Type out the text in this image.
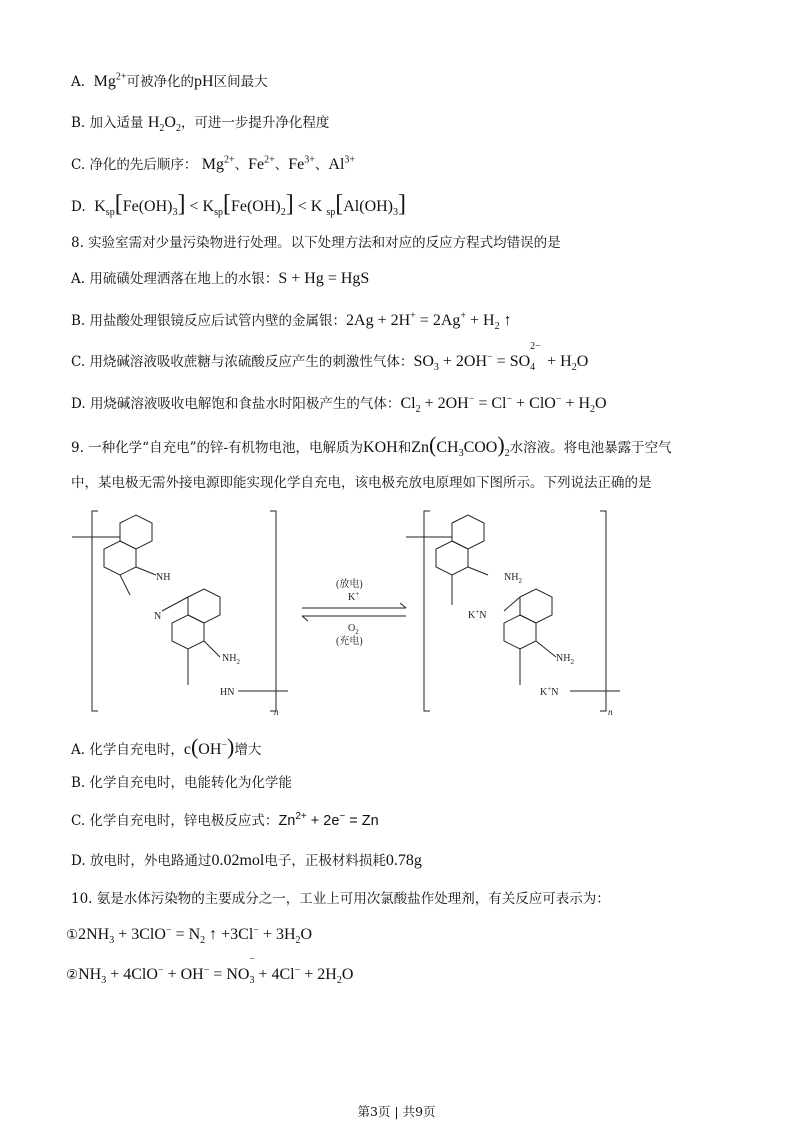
A. $Mg^{2+}$可被净化的pH区间最大
B. 加入适量 $H_2O_2$，可进一步提升净化程度
C. 净化的先后顺序： $Mg^{2+}$、$Fe^{2+}$、$Fe^{3+}$、$Al^{3+}$
D. $K_{sp}[Fe(OH)_3] < K_{sp}[Fe(OH)_2] < K$ $_{sp}[Al(OH)_3]$
8. 实验室需对少量污染物进行处理。以下处理方法和对应的反应方程式均错误的是
A. 用硫磺处理洒落在地上的水银：S + Hg = HgS
B. 用盐酸处理银镜反应后试管内壁的金属银：$2Ag + 2H^+ = 2Ag^+ + H_2$ ↑
C. 用烧碱溶液吸收蔗糖与浓硫酸反应产生的刺激性气体：$SO_3 + 2OH^-$ = SO
$_{2- 4} + H_2O$
D. 用烧碱溶液吸收电解饱和食盐水时阳极产生的气体：$Cl_2 + 2OH^- = Cl^- + ClO^- + H_2O$
9. 一种化学“自充电”的锌-有机物电池，电解质为KOH和$Zn(CH_3COO)_2$水溶液。将电池暴露于空气
中，某电极无需外接电源即能实现化学自充电，该电极充放电原理如下图所示。下列说法正确的是
NH
N
$NH_2$
HN
n
(放电)
K+
$O_2$
(充电)
$NH_2$
K+N
$NH_2$
K+N
n
A. 化学自充电时，c(OH−)增大
B. 化学自充电时，电能转化为化学能
C. 化学自充电时，锌电极反应式：$Zn^{2+} + 2e^- = Zn$
D. 放电时，外电路通过0.02mol电子，正极材料损耗0.78g
10. 氨是水体污染物的主要成分之一，工业上可用次氯酸盐作处理剂，有关反应可表示为：
$①2NH_3 + 3ClO^- = N_2$ ↑ $+3Cl^- + 3H_2O$
$②NH_3 + 4ClO^- + OH^-$ = NO
$_{- 3} + 4Cl^- + 2H_2O$
第3页 | 共9页
